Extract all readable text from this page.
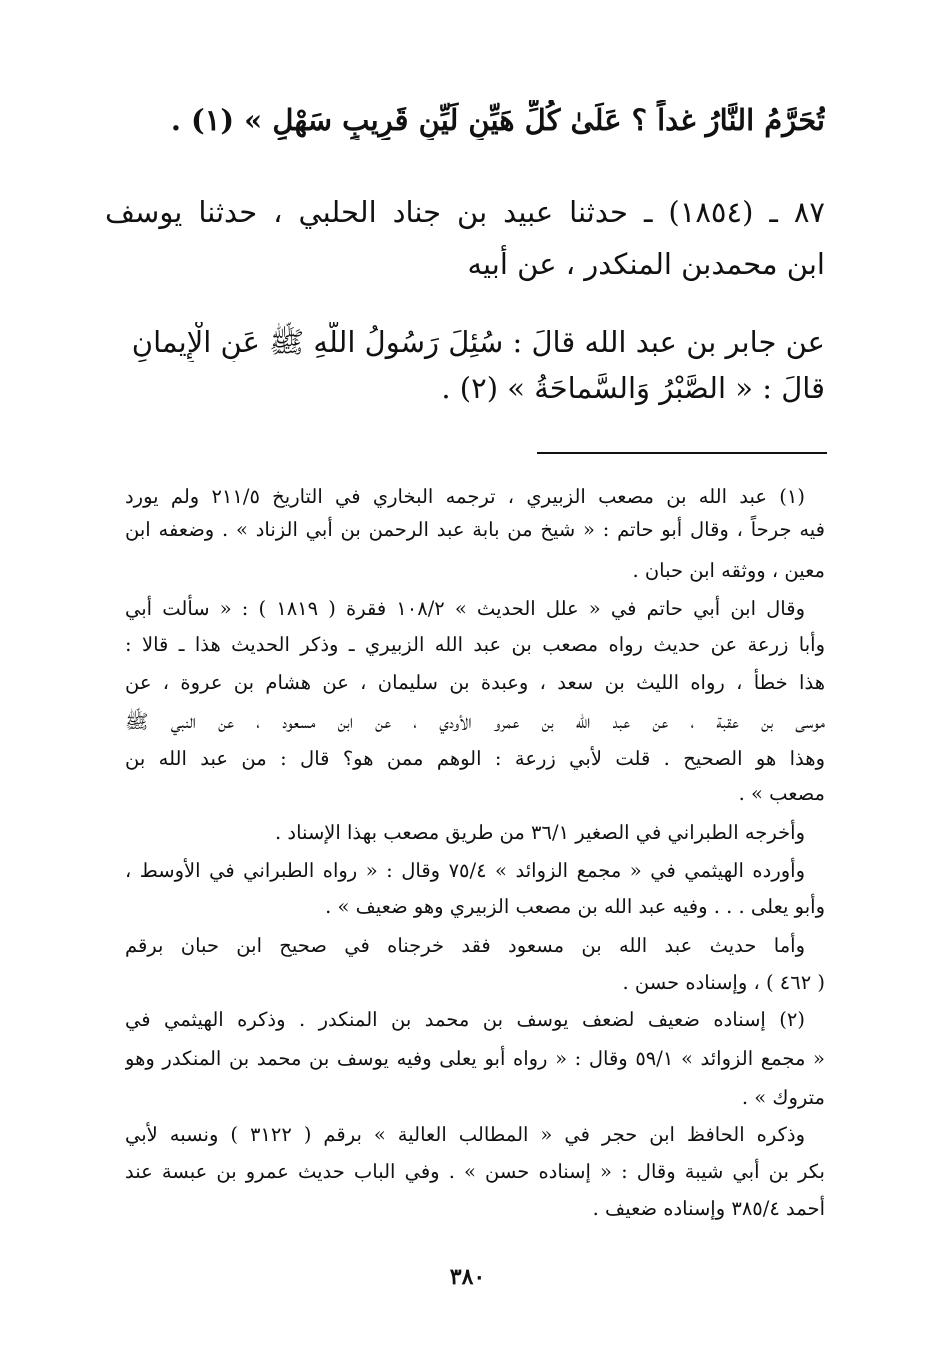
تُحَرَّمُ النَّارُ غداً ؟ عَلَىٰ كُلِّ هَيِّنٍ لَيِّنٍ قَرِيبٍ سَهْلٍ » (١) .
٨٧ ـ (١٨٥٤) ـ حدثنا عبيد بن جناد الحلبي ، حدثنا يوسف
ابن محمدبن المنكدر ، عن أبيه
عن جابر بن عبد الله قالَ : سُئِلَ رَسُولُ اللَّهِ ﷺ عَنِ الْإِيمانِ
قالَ : « الصَّبْرُ وَالسَّماحَةُ » (٢) .
(١) عبد الله بن مصعب الزبيري ، ترجمه البخاري في التاريخ ٢١١/٥ ولم يورد
فيه جرحاً ، وقال أبو حاتم : « شيخ من بابة عبد الرحمن بن أبي الزناد » . وضعفه ابن
معين ، ووثقه ابن حبان .
وقال ابن أبي حاتم في « علل الحديث » ١٠٨/٢ فقرة ( ١٨١٩ ) : « سألت أبي
وأبا زرعة عن حديث رواه مصعب بن عبد الله الزبيري ـ وذكر الحديث هذا ـ قالا :
هذا خطأ ، رواه الليث بن سعد ، وعبدة بن سليمان ، عن هشام بن عروة ، عن
موسى بن عقبة ، عن عبد الله بن عمرو الأودي ، عن ابن مسعود ، عن النبي ﷺ
وهذا هو الصحيح . قلت لأبي زرعة : الوهم ممن هو؟ قال : من عبد الله بن
مصعب » .
وأخرجه الطبراني في الصغير ٣٦/١ من طريق مصعب بهذا الإسناد .
وأورده الهيثمي في « مجمع الزوائد » ٧٥/٤ وقال : « رواه الطبراني في الأوسط ،
وأبو يعلى . . . وفيه عبد الله بن مصعب الزبيري وهو ضعيف » .
وأما حديث عبد الله بن مسعود فقد خرجناه في صحيح ابن حبان برقم
( ٤٦٢ ) ، وإسناده حسن .
(٢) إسناده ضعيف لضعف يوسف بن محمد بن المنكدر . وذكره الهيثمي في
« مجمع الزوائد » ٥٩/١ وقال : « رواه أبو يعلى وفيه يوسف بن محمد بن المنكدر وهو
متروك » .
وذكره الحافظ ابن حجر في « المطالب العالية » برقم ( ٣١٢٢ ) ونسبه لأبي
بكر بن أبي شيبة وقال : « إسناده حسن » . وفي الباب حديث عمرو بن عبسة عند
أحمد ٣٨٥/٤ وإسناده ضعيف .
٣٨٠
